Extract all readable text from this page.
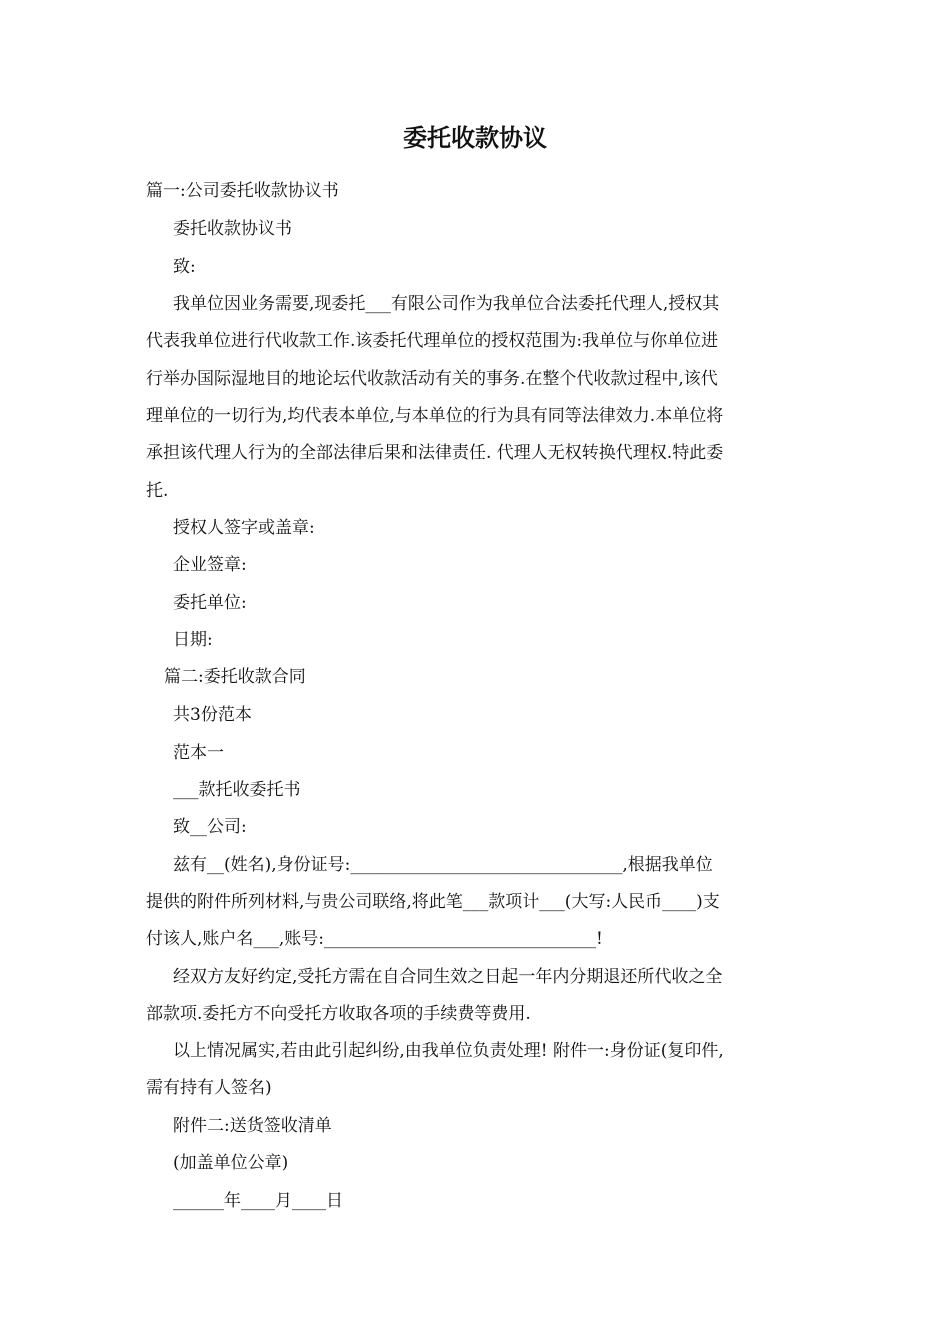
委托收款协议
篇一:公司委托收款协议书
委托收款协议书
致:
我单位因业务需要,现委托___有限公司作为我单位合法委托代理人,授权其
代表我单位进行代收款工作.该委托代理单位的授权范围为:我单位与你单位进
行举办国际湿地目的地论坛代收款活动有关的事务.在整个代收款过程中,该代
理单位的一切行为,均代表本单位,与本单位的行为具有同等法律效力.本单位将
承担该代理人行为的全部法律后果和法律责任. 代理人无权转换代理权.特此委
托.
授权人签字或盖章:
企业签章:
委托单位:
日期:
篇二:委托收款合同
共3份范本
范本一
___款托收委托书
致__公司:
兹有__(姓名),身份证号:________________________________,根据我单位
提供的附件所列材料,与贵公司联络,将此笔___款项计___(大写:人民币____)支
付该人,账户名___,账号:________________________________!
经双方友好约定,受托方需在自合同生效之日起一年内分期退还所代收之全
部款项.委托方不向受托方收取各项的手续费等费用.
以上情况属实,若由此引起纠纷,由我单位负责处理! 附件一:身份证(复印件,
需有持有人签名)
附件二:送货签收清单
(加盖单位公章)
______年____月____日
